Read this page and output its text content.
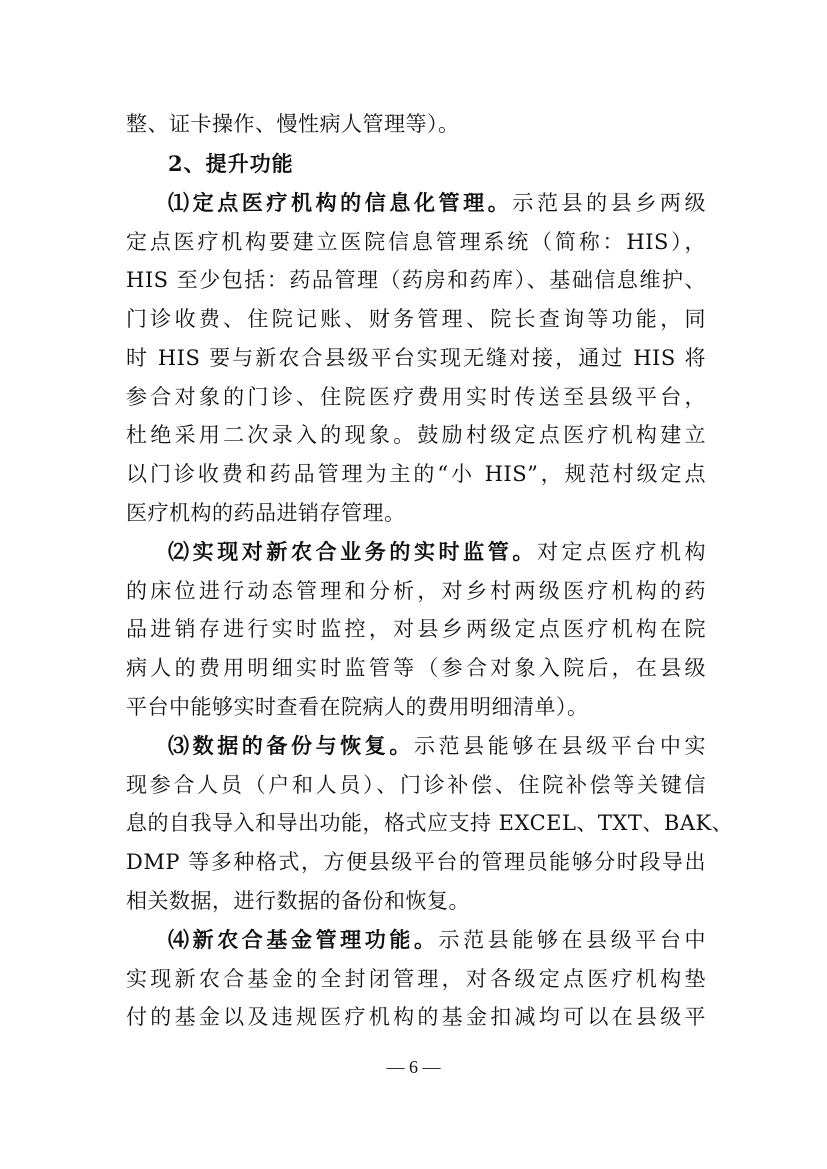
整、证卡操作、慢性病人管理等）。
2、提升功能
⑴定点医疗机构的信息化管理。示范县的县乡两级
定点医疗机构要建立医院信息管理系统（简称：HIS），
HIS 至少包括：药品管理（药房和药库）、基础信息维护、
门诊收费、住院记账、财务管理、院长查询等功能，同
时 HIS 要与新农合县级平台实现无缝对接，通过 HIS 将
参合对象的门诊、住院医疗费用实时传送至县级平台，
杜绝采用二次录入的现象。鼓励村级定点医疗机构建立
以门诊收费和药品管理为主的“小 HIS”，规范村级定点
医疗机构的药品进销存管理。
⑵实现对新农合业务的实时监管。对定点医疗机构
的床位进行动态管理和分析，对乡村两级医疗机构的药
品进销存进行实时监控，对县乡两级定点医疗机构在院
病人的费用明细实时监管等（参合对象入院后，在县级
平台中能够实时查看在院病人的费用明细清单）。
⑶数据的备份与恢复。示范县能够在县级平台中实
现参合人员（户和人员）、门诊补偿、住院补偿等关键信
息的自我导入和导出功能，格式应支持 EXCEL、TXT、BAK、
DMP 等多种格式，方便县级平台的管理员能够分时段导出
相关数据，进行数据的备份和恢复。
⑷新农合基金管理功能。示范县能够在县级平台中
实现新农合基金的全封闭管理，对各级定点医疗机构垫
付的基金以及违规医疗机构的基金扣减均可以在县级平
— 6 —
